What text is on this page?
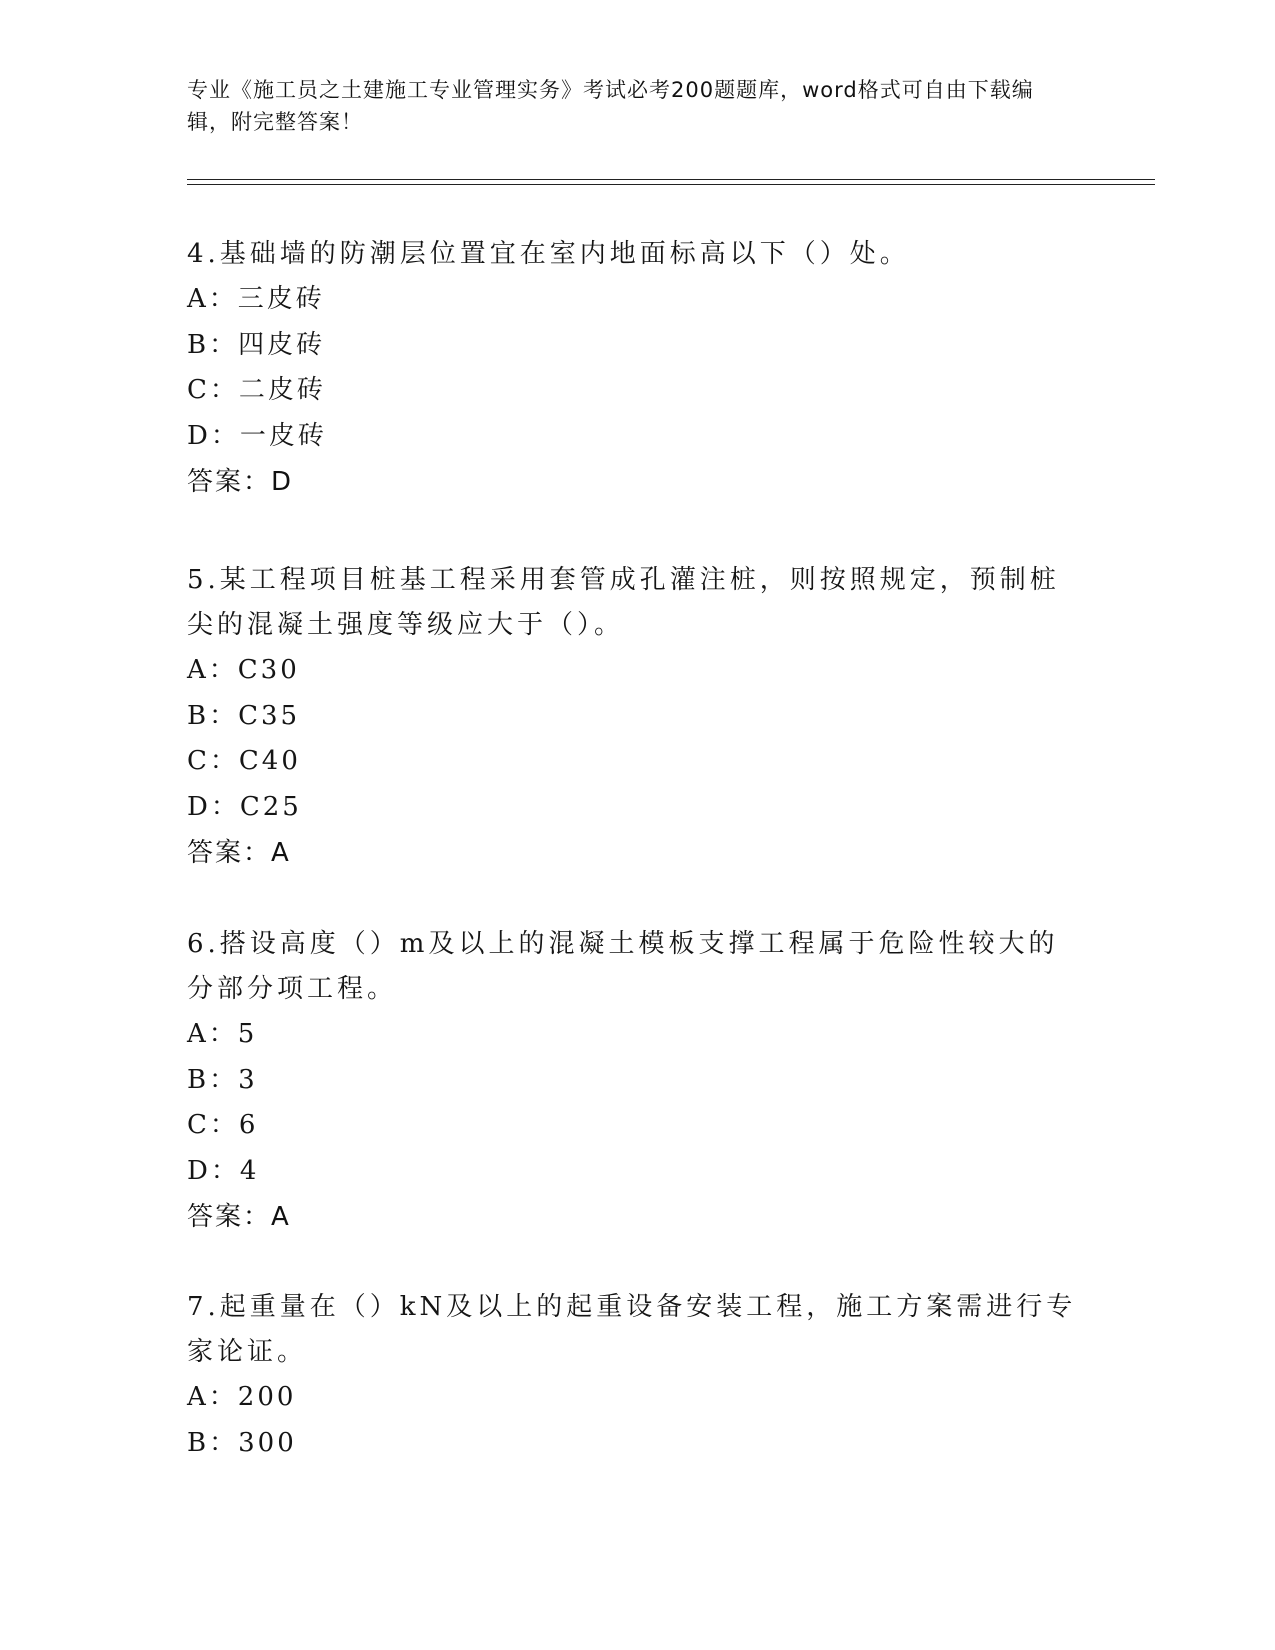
专业《施工员之土建施工专业管理实务》考试必考200题题库，word格式可自由下载编辑，附完整答案！

4.基础墙的防潮层位置宜在室内地面标高以下（）处。

A：三皮砖
B：四皮砖
C：二皮砖
D：一皮砖
答案：D

5.某工程项目桩基工程采用套管成孔灌注桩，则按照规定，预制桩尖的混凝土强度等级应大于（）。

A：C30
B：C35
C：C40
D：C25
答案：A

6.搭设高度（）m及以上的混凝土模板支撑工程属于危险性较大的分部分项工程。

A：5
B：3
C：6
D：4
答案：A

7.起重量在（）kN及以上的起重设备安装工程，施工方案需进行专家论证。

A：200
B：300
